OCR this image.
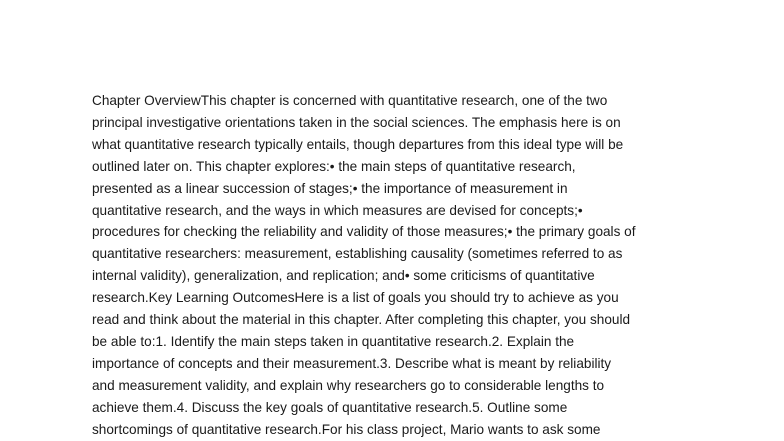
Chapter OverviewThis chapter is concerned with quantitative research, one of the two
principal investigative orientations taken in the social sciences. The emphasis here is on
what quantitative research typically entails, though departures from this ideal type will be
outlined later on. This chapter explores:• the main steps of quantitative research,
presented as a linear succession of stages;• the importance of measurement in
quantitative research, and the ways in which measures are devised for concepts;•
procedures for checking the reliability and validity of those measures;• the primary goals of
quantitative researchers: measurement, establishing causality (sometimes referred to as
internal validity), generalization, and replication; and• some criticisms of quantitative
research.Key Learning OutcomesHere is a list of goals you should try to achieve as you
read and think about the material in this chapter. After completing this chapter, you should
be able to:1. Identify the main steps taken in quantitative research.2. Explain the
importance of concepts and their measurement.3. Describe what is meant by reliability
and measurement validity, and explain why researchers go to considerable lengths to
achieve them.4. Discuss the key goals of quantitative research.5. Outline some
shortcomings of quantitative research.For his class project, Mario wants to ask some
